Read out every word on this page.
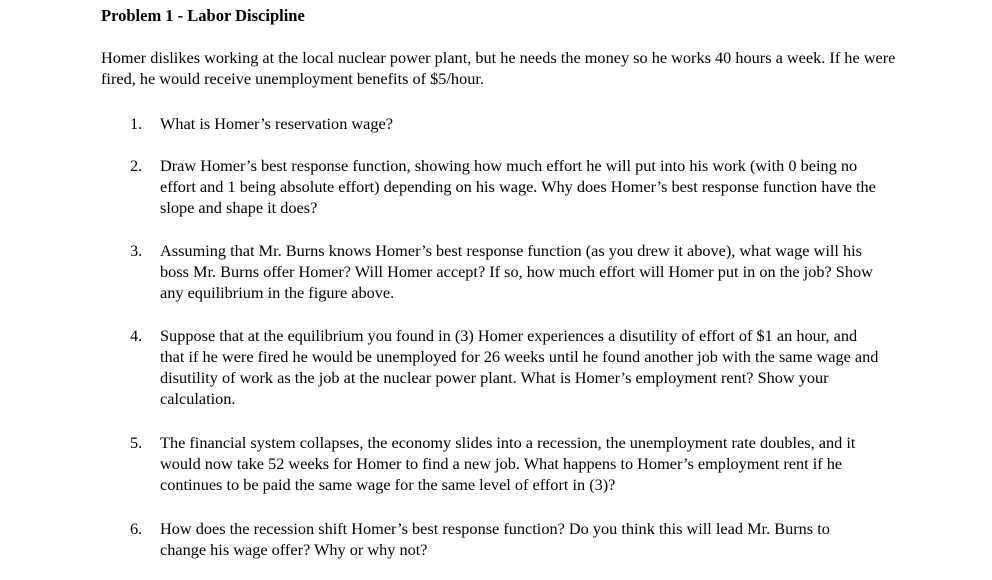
Problem 1 - Labor Discipline

Homer dislikes working at the local nuclear power plant, but he needs the money so he works 40 hours a week. If he were fired, he would receive unemployment benefits of $5/hour.

1. What is Homer’s reservation wage?

2. Draw Homer’s best response function, showing how much effort he will put into his work (with 0 being no effort and 1 being absolute effort) depending on his wage. Why does Homer’s best response function have the slope and shape it does?

3. Assuming that Mr. Burns knows Homer’s best response function (as you drew it above), what wage will his boss Mr. Burns offer Homer? Will Homer accept? If so, how much effort will Homer put in on the job? Show any equilibrium in the figure above.

4. Suppose that at the equilibrium you found in (3) Homer experiences a disutility of effort of $1 an hour, and that if he were fired he would be unemployed for 26 weeks until he found another job with the same wage and disutility of work as the job at the nuclear power plant. What is Homer’s employment rent? Show your calculation.

5. The financial system collapses, the economy slides into a recession, the unemployment rate doubles, and it would now take 52 weeks for Homer to find a new job. What happens to Homer’s employment rent if he continues to be paid the same wage for the same level of effort in (3)?

6. How does the recession shift Homer’s best response function? Do you think this will lead Mr. Burns to change his wage offer? Why or why not?
